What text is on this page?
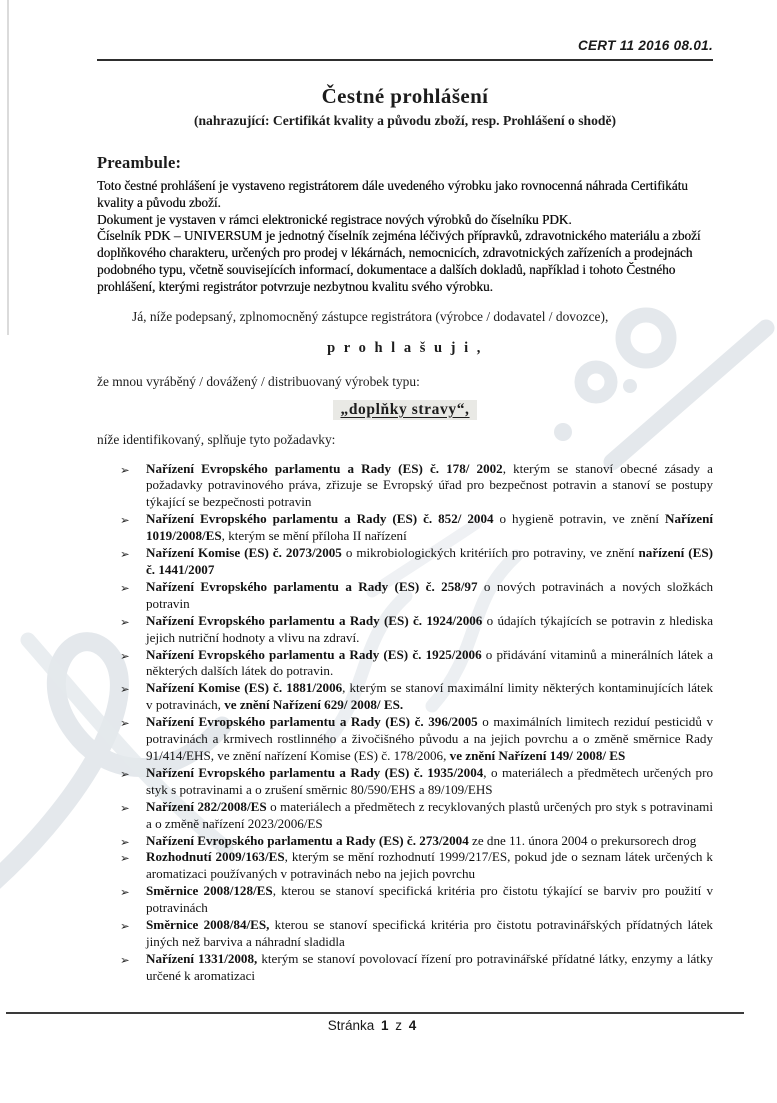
CERT 11 2016 08.01.
Čestné prohlášení
(nahrazující: Certifikát kvality a původu zboží, resp. Prohlášení o shodě)
Preambule:

Toto čestné prohlášení je vystaveno registrátorem dále uvedeného výrobku jako rovnocenná náhrada Certifikátu kvality a původu zboží.

Dokument je vystaven v rámci elektronické registrace nových výrobků do číselníku PDK.

Číselník PDK – UNIVERSUM je jednotný číselník zejména léčivých přípravků, zdravotnického materiálu a zboží doplňkového charakteru, určených pro prodej v lékárnách, nemocnicích, zdravotnických zařízeních a prodejnách podobného typu, včetně souvisejících informací, dokumentace a dalších dokladů, například i tohoto Čestného prohlášení, kterými registrátor potvrzuje nezbytnou kvalitu svého výrobku.

Já, níže podepsaný, zplnomocněný zástupce registrátora (výrobce / dodavatel / dovozce),
p r o h l a š u j i ,
že mnou vyráběný / dovážený / distribuovaný výrobek typu:
„doplňky stravy“,
níže identifikovaný, splňuje tyto požadavky:
➢ Nařízení Evropského parlamentu a Rady (ES) č. 178/ 2002, kterým se stanoví obecné zásady a požadavky potravinového práva, zřizuje se Evropský úřad pro bezpečnost potravin a stanoví se postupy týkající se bezpečnosti potravin
➢ Nařízení Evropského parlamentu a Rady (ES) č. 852/ 2004 o hygieně potravin, ve znění Nařízení 1019/2008/ES, kterým se mění příloha II nařízení
➢ Nařízení Komise (ES) č. 2073/2005 o mikrobiologických kritériích pro potraviny, ve znění nařízení (ES) č. 1441/2007
➢ Nařízení Evropského parlamentu a Rady (ES) č. 258/97 o nových potravinách a nových složkách potravin
➢ Nařízení Evropského parlamentu a Rady (ES) č. 1924/2006 o údajích týkajících se potravin z hlediska jejich nutriční hodnoty a vlivu na zdraví.
➢ Nařízení Evropského parlamentu a Rady (ES) č. 1925/2006 o přidávání vitaminů a minerálních látek a některých dalších látek do potravin.
➢ Nařízení Komise (ES) č. 1881/2006, kterým se stanoví maximální limity některých kontaminujících látek v potravinách, ve znění Nařízení 629/ 2008/ ES.
➢ Nařízení Evropského parlamentu a Rady (ES) č. 396/2005 o maximálních limitech reziduí pesticidů v potravinách a krmivech rostlinného a živočišného původu a na jejich povrchu a o změně směrnice Rady 91/414/EHS, ve znění nařízení Komise (ES) č. 178/2006, ve znění Nařízení 149/ 2008/ ES
➢ Nařízení Evropského parlamentu a Rady (ES) č. 1935/2004, o materiálech a předmětech určených pro styk s potravinami a o zrušení směrnic 80/590/EHS a 89/109/EHS
➢ Nařízení 282/2008/ES o materiálech a předmětech z recyklovaných plastů určených pro styk s potravinami a o změně nařízení 2023/2006/ES
➢ Nařízení Evropského parlamentu a Rady (ES) č. 273/2004 ze dne 11. února 2004 o prekursorech drog
➢ Rozhodnutí 2009/163/ES, kterým se mění rozhodnutí 1999/217/ES, pokud jde o seznam látek určených k aromatizaci používaných v potravinách nebo na jejich povrchu
➢ Směrnice 2008/128/ES, kterou se stanoví specifická kritéria pro čistotu týkající se barviv pro použití v potravinách
➢ Směrnice 2008/84/ES, kterou se stanoví specifická kritéria pro čistotu potravinářských přídatných látek jiných než barviva a náhradní sladidla
➢ Nařízení 1331/2008, kterým se stanoví povolovací řízení pro potravinářské přídatné látky, enzymy a látky určené k aromatizaci
Stránka 1 z 4
